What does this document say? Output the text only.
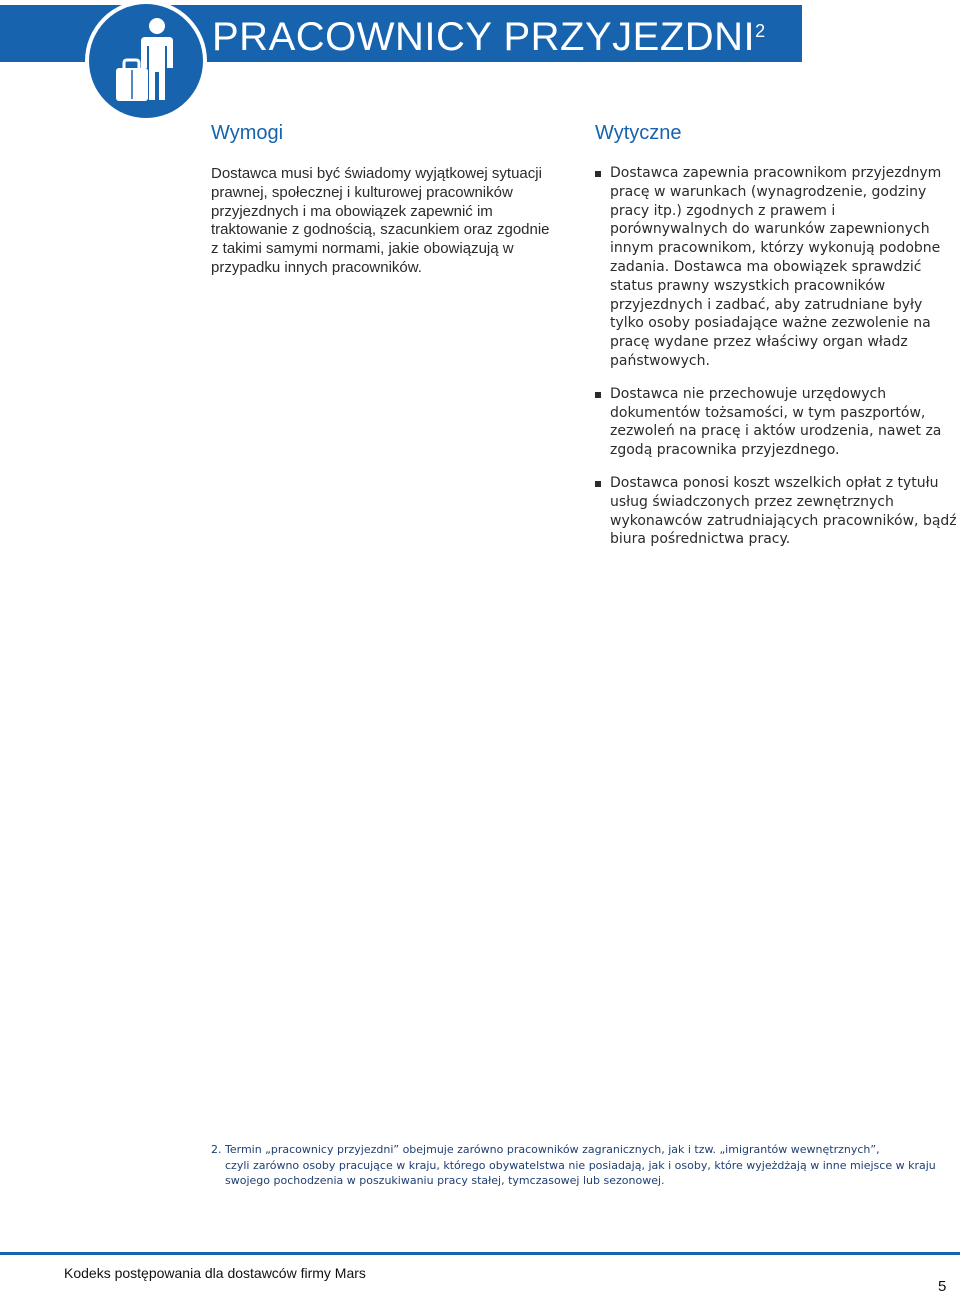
PRACOWNICY PRZYJEZDNI$^2$
Wymogi

Dostawca musi być świadomy wyjątkowej sytuacji prawnej, społecznej i kulturowej pracowników przyjezdnych i ma obowiązek zapewnić im traktowanie z godnością, szacunkiem oraz zgodnie z takimi samymi normami, jakie obowiązują w przypadku innych pracowników.

Wytyczne
Dostawca zapewnia pracownikom przyjezdnym pracę w warunkach (wynagrodzenie, godziny pracy itp.) zgodnych z prawem i porównywalnych do warunków zapewnionych innym pracownikom, którzy wykonują podobne zadania. Dostawca ma obowiązek sprawdzić status prawny wszystkich pracowników przyjezdnych i zadbać, aby zatrudniane były tylko osoby posiadające ważne zezwolenie na pracę wydane przez właściwy organ władz państwowych.
Dostawca nie przechowuje urzędowych dokumentów tożsamości, w tym paszportów, zezwoleń na pracę i aktów urodzenia, nawet za zgodą pracownika przyjezdnego.
Dostawca ponosi koszt wszelkich opłat z tytułu usług świadczonych przez zewnętrznych wykonawców zatrudniających pracowników, bądź biura pośrednictwa pracy.

2. Termin „pracownicy przyjezdni” obejmuje zarówno pracowników zagranicznych, jak i tzw. „imigrantów wewnętrznych”,
czyli zarówno osoby pracujące w kraju, którego obywatelstwa nie posiadają, jak i osoby, które wyjeżdżają w inne miejsce w kraju swojego pochodzenia w poszukiwaniu pracy stałej, tymczasowej lub sezonowej.

Kodeks postępowania dla dostawców firmy Mars
5
